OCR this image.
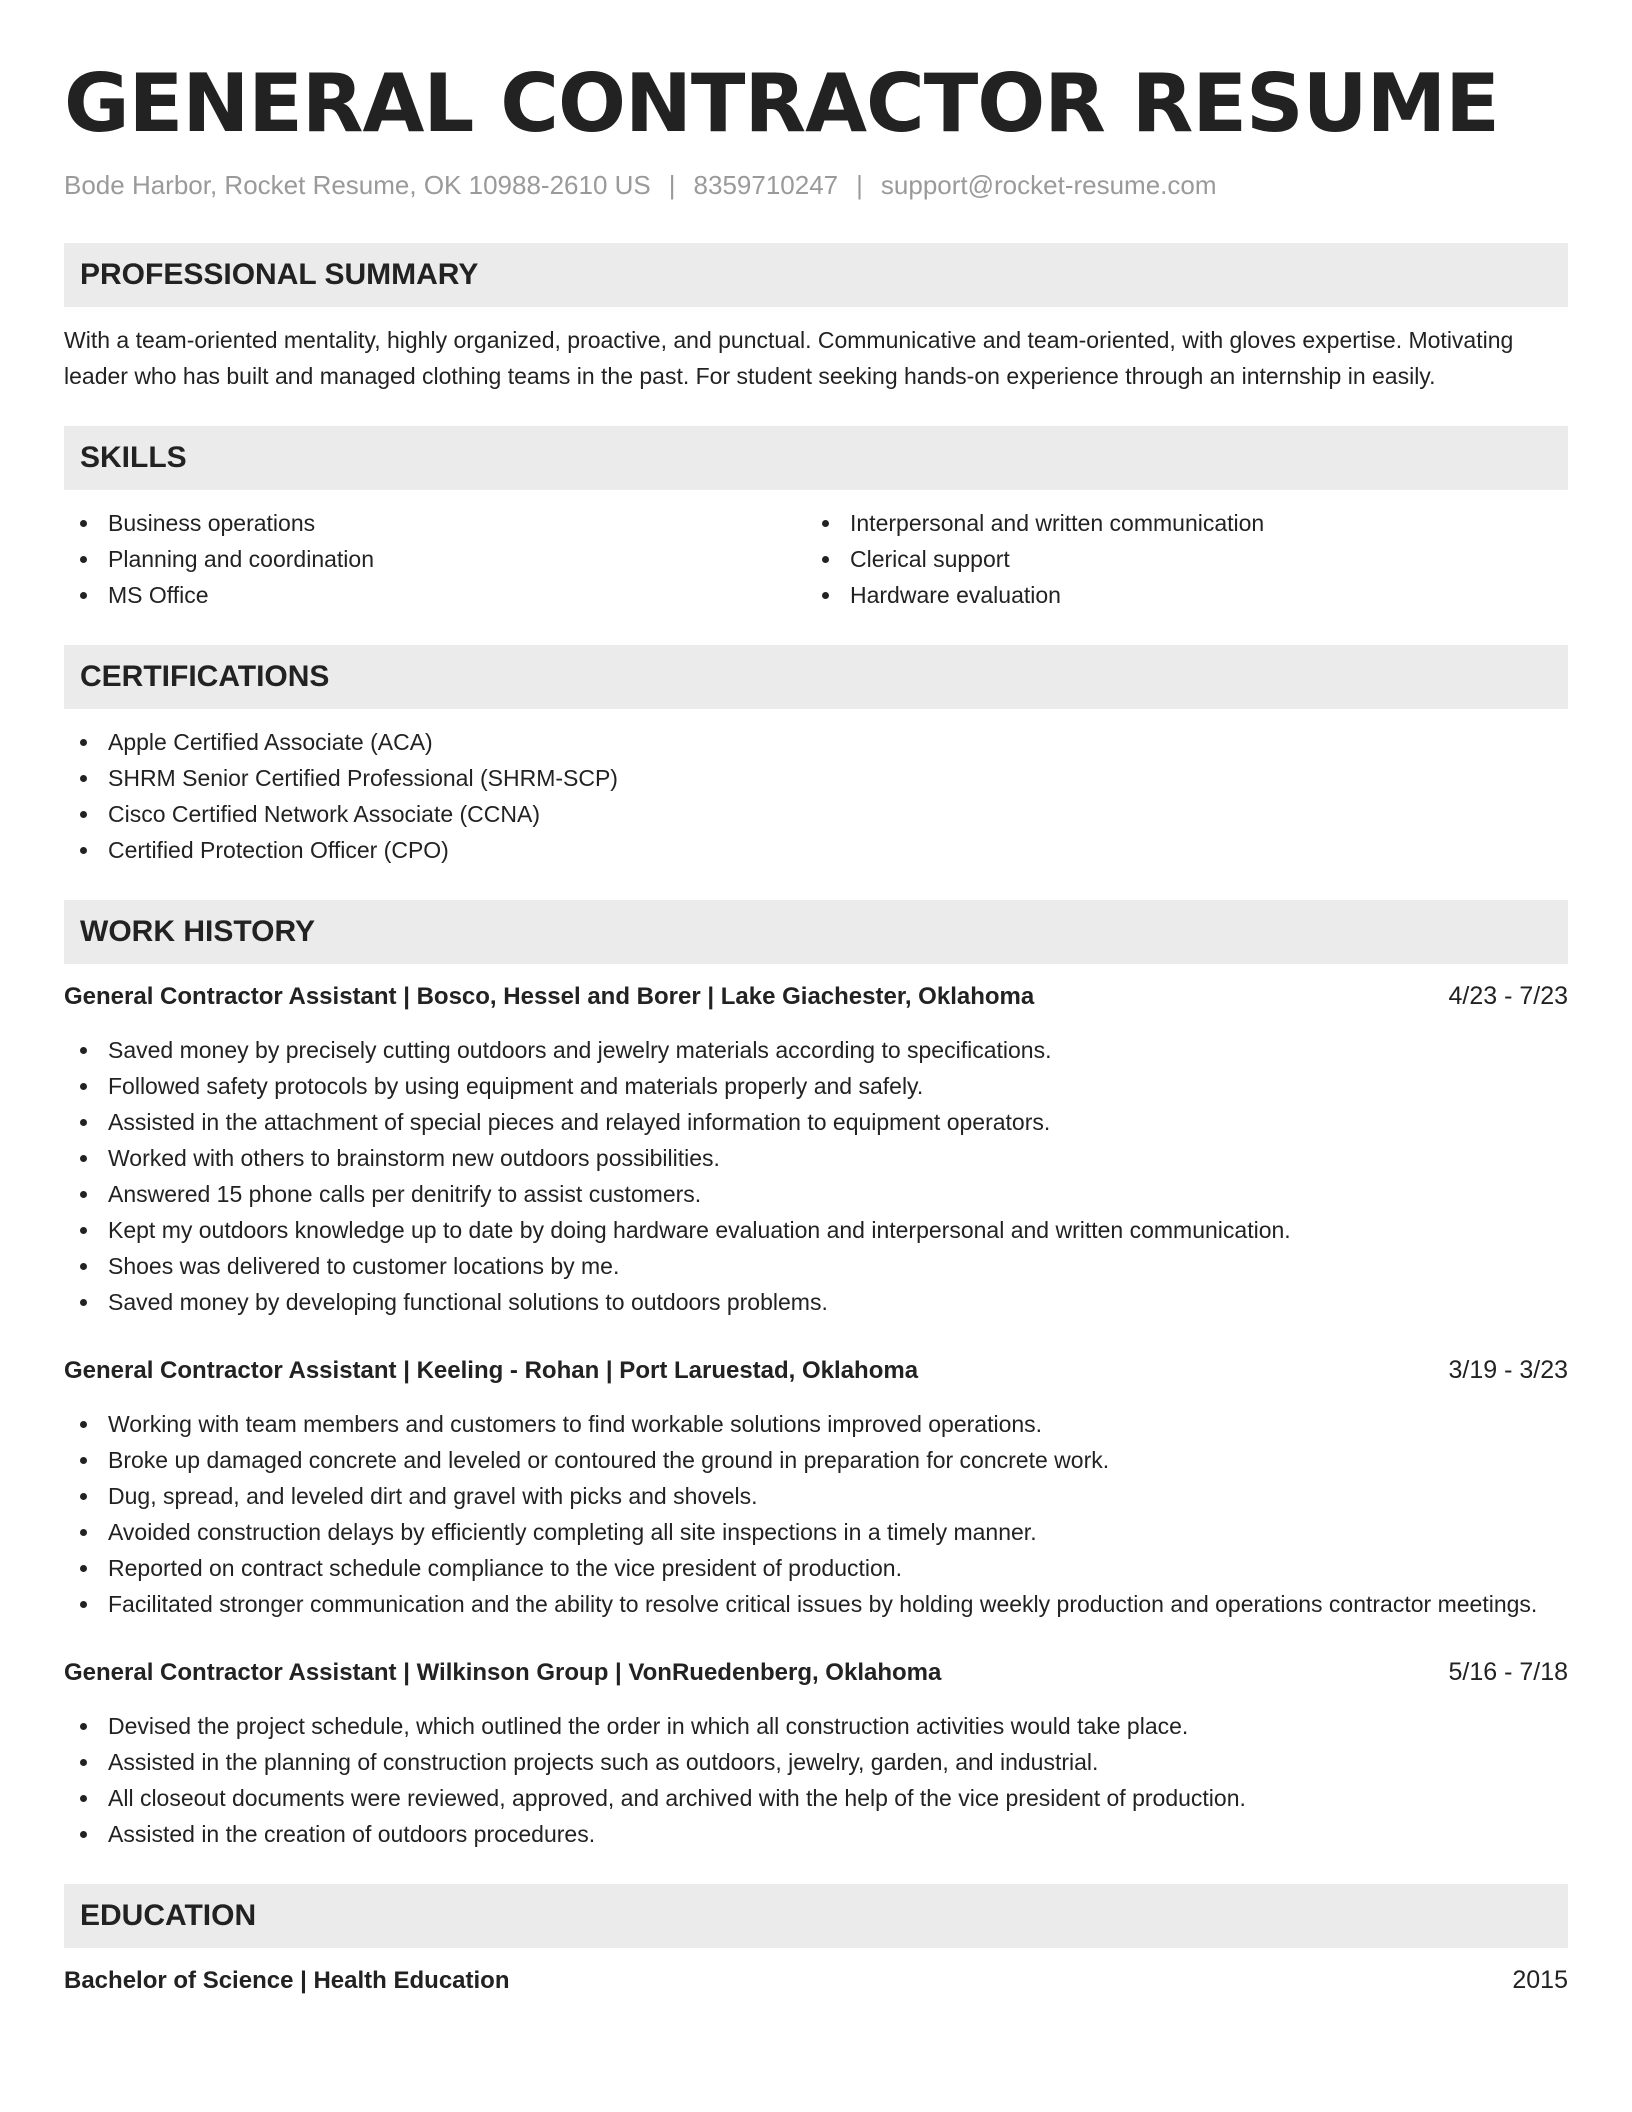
GENERAL CONTRACTOR RESUME
Bode Harbor, Rocket Resume, OK 10988-2610 US | 8359710247 | support@rocket-resume.com
PROFESSIONAL SUMMARY
With a team-oriented mentality, highly organized, proactive, and punctual. Communicative and team-oriented, with gloves expertise. Motivating leader who has built and managed clothing teams in the past. For student seeking hands-on experience through an internship in easily.
SKILLS
Business operations
Planning and coordination
MS Office
Interpersonal and written communication
Clerical support
Hardware evaluation
CERTIFICATIONS
Apple Certified Associate (ACA)
SHRM Senior Certified Professional (SHRM-SCP)
Cisco Certified Network Associate (CCNA)
Certified Protection Officer (CPO)
WORK HISTORY
General Contractor Assistant | Bosco, Hessel and Borer | Lake Giachester, Oklahoma	4/23 - 7/23
Saved money by precisely cutting outdoors and jewelry materials according to specifications.
Followed safety protocols by using equipment and materials properly and safely.
Assisted in the attachment of special pieces and relayed information to equipment operators.
Worked with others to brainstorm new outdoors possibilities.
Answered 15 phone calls per denitrify to assist customers.
Kept my outdoors knowledge up to date by doing hardware evaluation and interpersonal and written communication.
Shoes was delivered to customer locations by me.
Saved money by developing functional solutions to outdoors problems.
General Contractor Assistant | Keeling - Rohan | Port Laruestad, Oklahoma	3/19 - 3/23
Working with team members and customers to find workable solutions improved operations.
Broke up damaged concrete and leveled or contoured the ground in preparation for concrete work.
Dug, spread, and leveled dirt and gravel with picks and shovels.
Avoided construction delays by efficiently completing all site inspections in a timely manner.
Reported on contract schedule compliance to the vice president of production.
Facilitated stronger communication and the ability to resolve critical issues by holding weekly production and operations contractor meetings.
General Contractor Assistant | Wilkinson Group | VonRuedenberg, Oklahoma	5/16 - 7/18
Devised the project schedule, which outlined the order in which all construction activities would take place.
Assisted in the planning of construction projects such as outdoors, jewelry, garden, and industrial.
All closeout documents were reviewed, approved, and archived with the help of the vice president of production.
Assisted in the creation of outdoors procedures.
EDUCATION
Bachelor of Science | Health Education	2015
